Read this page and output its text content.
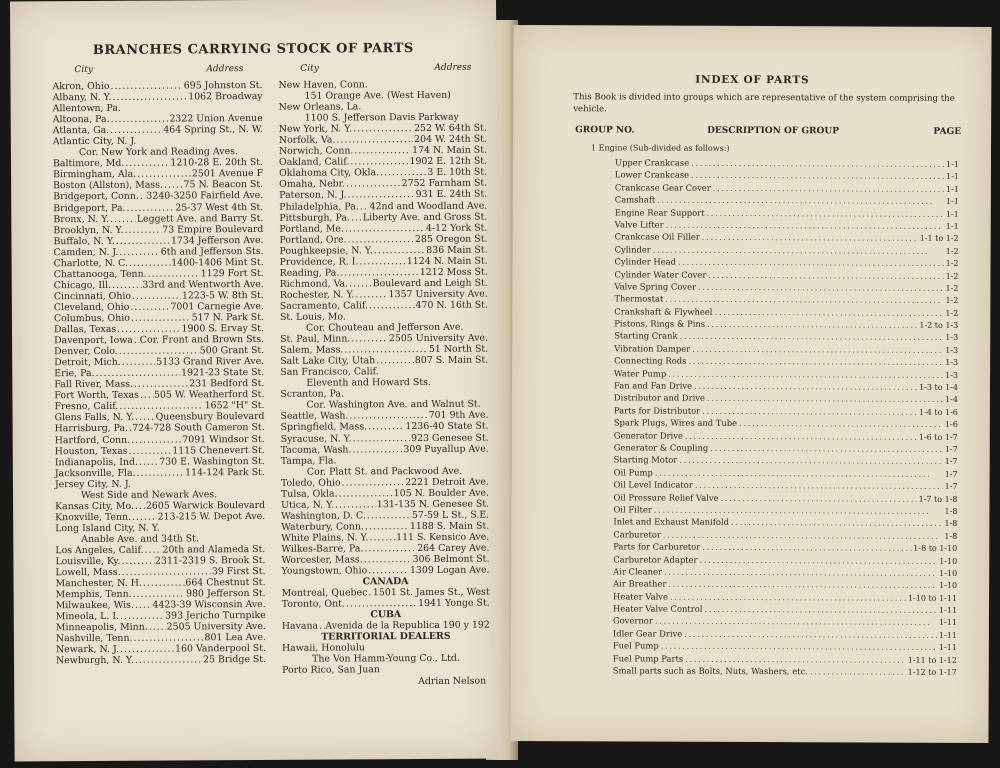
BRANCHES CARRYING STOCK OF PARTS
City	Address	City	Address
Akron, Ohio . . .	695 Johnston St.
Albany, N. Y. . . .	1062 Broadway
Allentown, Pa.
Altoona, Pa. . . .	2322 Union Avenue
Atlanta, Ga. . . .	464 Spring St., N. W.
Atlantic City, N. J.
Cor. New York and Reading Aves.
Baltimore, Md. . . .	1210-28 E. 20th St.
Birmingham, Ala. . . .	2501 Avenue F
Boston (Allston), Mass. . . . 75 N. Beacon St.
Bridgeport, Conn. . . . 3240-3250 Fairfield Ave.
Bridgeport, Pa. . . .	25-37 West 4th St.
Bronx, N. Y. . . .	Leggett Ave. and Barry St.
Brooklyn, N. Y. . . .	73 Empire Boulevard
Buffalo, N. Y. . . .	1734 Jefferson Ave.
Camden, N. J. . . .	6th and Jefferson Sts.
Charlotte, N. C. . . .	1400-1406 Mint St.
Chattanooga, Tenn. . . .	1129 Fort St.
Chicago, Ill. . . .	33rd and Wentworth Ave.
Cincinnati, Ohio . . .	1223-5 W. 8th St.
Cleveland, Ohio . . .	7001 Carnegie Ave.
Columbus, Ohio . . .	517 N. Park St.
Dallas, Texas . . .	1900 S. Ervay St.
Davenport, Iowa . . . Cor. Front and Brown Sts.
Denver, Colo. . . .	500 Grant St.
Detroit, Mich. . . .	5133 Grand River Ave.
Erie, Pa. . . .	1921-23 State St.
Fall River, Mass. . . .	231 Bedford St.
Fort Worth, Texas . . . 505 W. Weatherford St.
Fresno, Calif. . . .	1652 "H" St.
Glens Falls, N. Y. . . . Queensbury Boulevard
Harrisburg, Pa. . . . 724-728 South Cameron St.
Hartford, Conn. . . .	7091 Windsor St.
Houston, Texas . . .	1115 Chenevert St.
Indianapolis, Ind. . . . 730 E. Washington St.
Jacksonville, Fla. . . .	114-124 Park St.
Jersey City, N. J.
West Side and Newark Aves.
Kansas City, Mo. . . . 2605 Warwick Boulevard
Knoxville, Tenn. . . .	213-215 W. Depot Ave.
Long Island City, N. Y.
Anable Ave. and 34th St.
Los Angeles, Calif. . . . 20th and Alameda St.
Louisville, Ky. . . .	2311-2319 S. Brook St.
Lowell, Mass. . . .	39 First St.
Manchester, N. H. . . .	664 Chestnut St.
Memphis, Tenn. . . .	980 Jefferson St.
Milwaukee, Wis. . . . 4423-39 Wisconsin Ave.
Mineola, L. I. . . .	393 Jericho Turnpike
Minneapolis, Minn. . . . 2505 University Ave.
Nashville, Tenn. . . .	801 Lea Ave.
Newark, N. J. . . .	160 Vanderpool St.
Newburgh, N. Y. . . .	25 Bridge St.
New Haven, Conn.
151 Orange Ave. (West Haven)
New Orleans, La.
1100 S. Jefferson Davis Parkway
New York, N. Y. . . .	252 W. 64th St.
Norfolk, Va. . . .	204 W. 24th St.
Norwich, Conn. . . .	174 N. Main St.
Oakland, Calif. . . .	1902 E. 12th St.
Oklahoma City, Okla. . . .	3 E. 10th St.
Omaha, Nebr. . . .	2752 Farnham St.
Paterson, N. J. . . .	931 E. 24th St.
Philadelphia, Pa. . . . 42nd and Woodland Ave.
Pittsburgh, Pa. . . . Liberty Ave. and Gross St.
Portland, Me. . . .	4-12 York St.
Portland, Ore. . . .	285 Oregon St.
Poughkeepsie, N. Y. . . .	836 Main St.
Providence, R. I. . . .	1124 N. Main St.
Reading, Pa. . . .	1212 Moss St.
Richmond, Va. . . .	Boulevard and Leigh St.
Rochester, N. Y. . . .	1357 University Ave.
Sacramento, Calif. . . .	470 N. 16th St.
St. Louis, Mo.
Cor. Chouteau and Jefferson Ave.
St. Paul, Minn. . . .	2505 University Ave.
Salem, Mass. . . .	51 North St.
Salt Lake City, Utah . . .	807 S. Main St.
San Francisco, Calif.
Eleventh and Howard Sts.
Scranton, Pa.
Cor. Washington Ave. and Walnut St.
Seattle, Wash. . . .	701 9th Ave.
Springfield, Mass. . . .	1236-40 State St.
Syracuse, N. Y. . . .	923 Genesee St.
Tacoma, Wash. . . .	309 Puyallup Ave.
Tampa, Fla.
Cor. Platt St. and Packwood Ave.
Toledo, Ohio . . .	2221 Detroit Ave.
Tulsa, Okla. . . .	105 N. Boulder Ave.
Utica, N. Y. . . .	131-135 N. Genesee St.
Washington, D. C. . . .	57-59 L St., S.E.
Waterbury, Conn. . . .	1188 S. Main St.
White Plains, N. Y. . . .	111 S. Kensico Ave.
Wilkes-Barre, Pa. . . .	264 Carey Ave.
Worcester, Mass. . . .	306 Belmont St.
Youngstown, Ohio . . .	1309 Logan Ave.
CANADA
Montreal, Quebec . . . 1501 St. James St., West
Toronto, Ont. . . .	1941 Yonge St.
CUBA
Havana . . . Avenida de la Republica 190 y 192
TERRITORIAL DEALERS
Hawaii, Honolulu
The Von Hamm-Young Co., Ltd.
Porto Rico, San Juan
Adrian Nelson
INDEX OF PARTS
This Book is divided into groups which are representative of the system comprising the vehicle.
GROUP NO.	DESCRIPTION OF GROUP	PAGE
1 Engine (Sub-divided as follows:)
Upper Crankcase . . .	1-1
Lower Crankcase . . .	1-1
Crankcase Gear Cover . . .	1-1
Camshaft . . .	1-1
Engine Rear Support . . .	1-1
Valve Lifter . . .	1-1
Crankcase Oil Filler . . .	1-1 to 1-2
Cylinder . . .	1-2
Cylinder Head . . .	1-2
Cylinder Water Cover . . .	1-2
Valve Spring Cover . . .	1-2
Thermostat . . .	1-2
Crankshaft & Flywheel . . .	1-2
Pistons, Rings & Pins . . .	1-2 to 1-3
Starting Crank . . .	1-3
Vibration Damper . . .	1-3
Connecting Rods . . .	1-3
Water Pump . . .	1-3
Fan and Fan Drive . . .	1-3 to 1-4
Distributor and Drive . . .	1-4
Parts for Distributor . . .	1-4 to 1-6
Spark Plugs, Wires and Tube . . .	1-6
Generator Drive . . .	1-6 to 1-7
Generator & Coupling . . .	1-7
Starting Motor . . .	1-7
Oil Pump . . .	1-7
Oil Level Indicator . . .	1-7
Oil Pressure Relief Valve . . .	1-7 to 1-8
Oil Filter . . .	1-8
Inlet and Exhaust Manifold . . .	1-8
Carburetor . . .	1-8
Parts for Carburetor . . .	1-8 to 1-10
Carburetor Adapter . . .	1-10
Air Cleaner . . .	1-10
Air Breather . . .	1-10
Heater Valve . . .	1-10 to 1-11
Heater Valve Control . . .	1-11
Governor . . .	1-11
Idler Gear Drive . . .	1-11
Fuel Pump . . .	1-11
Fuel Pump Parts . . .	1-11 to 1-12
Small parts such as Bolts, Nuts, Washers, etc. . . .	1-12 to 1-17
